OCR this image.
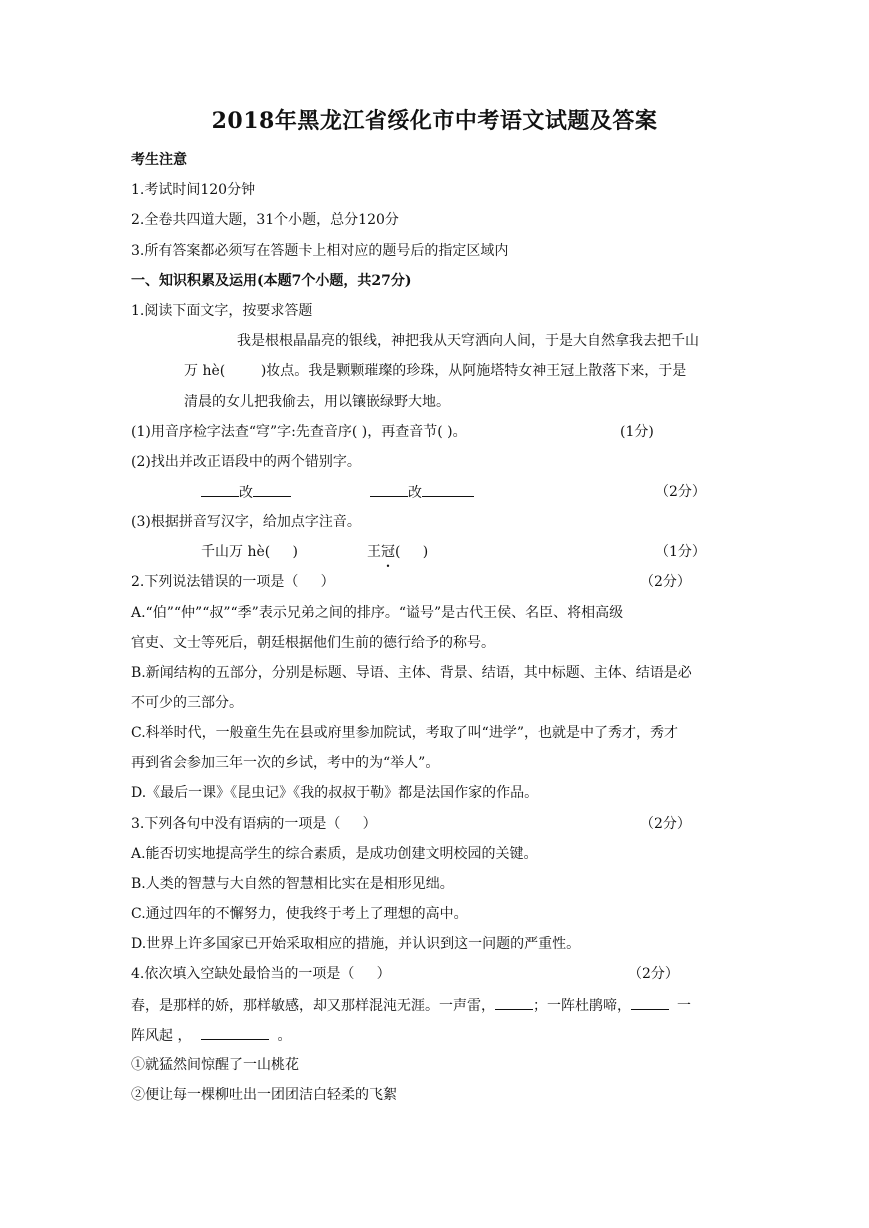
2018年黑龙江省绥化市中考语文试题及答案
考生注意
1.考试时间120分钟
2.全卷共四道大题，31个小题，总分120分
3.所有答案都必须写在答题卡上相对应的题号后的指定区域内
一、知识积累及运用(本题7个小题，共27分)
1.阅读下面文字，按要求答题
我是根根晶晶亮的银线，神把我从天穹洒向人间，于是大自然拿我去把千山
万 hè(        )妆点。我是颗颗璀璨的珍珠，从阿施塔特女神王冠上散落下来，于是
清晨的女儿把我偷去，用以镶嵌绿野大地。
(1)用音序检字法查“穹”字:先查音序( )，再查音节( )。	(1分)
(2)找出并改正语段中的两个错别字。
改	改	（2分）
(3)根据拼音写汉字，给加点字注音。
千山万 hè(     )	王冠(     )	（1分）
2.下列说法错误的一项是（     ）	（2分）
A.“伯”“仲”“叔”“季”表示兄弟之间的排序。“谥号”是古代王侯、名臣、将相高级
官吏、文士等死后，朝廷根据他们生前的德行给予的称号。
B.新闻结构的五部分，分别是标题、导语、主体、背景、结语，其中标题、主体、结语是必
不可少的三部分。
C.科举时代，一般童生先在县或府里参加院试，考取了叫“进学”，也就是中了秀才，秀才
再到省会参加三年一次的乡试，考中的为“举人”。
D.《最后一课》《昆虫记》《我的叔叔于勒》都是法国作家的作品。
3.下列各句中没有语病的一项是（     ）	（2分）
A.能否切实地提高学生的综合素质，是成功创建文明校园的关键。
B.人类的智慧与大自然的智慧相比实在是相形见绌。
C.通过四年的不懈努力，使我终于考上了理想的高中。
D.世界上许多国家已开始采取相应的措施，并认识到这一问题的严重性。
4.依次填入空缺处最恰当的一项是（     ）	（2分）
春，是那样的娇，那样敏感，却又那样混沌无涯。一声雷，	；一阵杜鹃啼，	一
阵风起 ，	。
①就猛然间惊醒了一山桃花
②便让每一棵柳吐出一团团洁白轻柔的飞絮
